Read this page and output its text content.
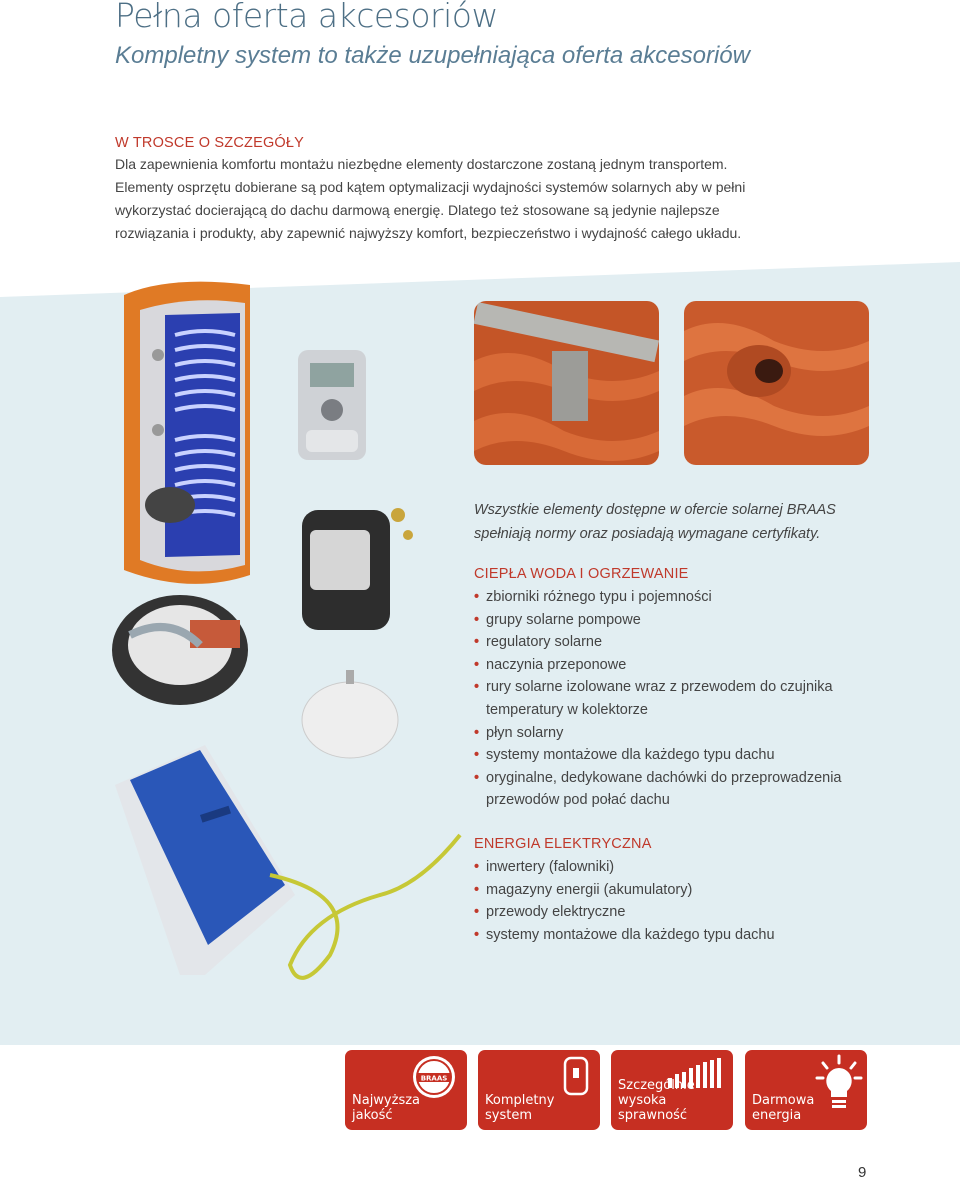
Pełna oferta akcesoriów
Kompletny system to także uzupełniająca oferta akcesoriów
W TROSCE O SZCZEGÓŁY

Dla zapewnienia komfortu montażu niezbędne elementy dostarczone zostaną jednym transportem.

Elementy osprzętu dobierane są pod kątem optymalizacji wydajności systemów solarnych aby w pełni

wykorzystać docierającą do dachu darmową energię. Dlatego też stosowane są jedynie najlepsze

rozwiązania i produkty, aby zapewnić najwyższy komfort, bezpieczeństwo i wydajność całego układu.

Wszystkie elementy dostępne w ofercie solarnej BRAAS
spełniają normy oraz posiadają wymagane certyfikaty.
CIEPŁA WODA I OGRZEWANIE
• zbiorniki różnego typu i pojemności
• grupy solarne pompowe
• regulatory solarne
• naczynia przeponowe
• rury solarne izolowane wraz z przewodem do czujnika temperatury w kolektorze
• płyn solarny
• systemy montażowe dla każdego typu dachu
• oryginalne, dedykowane dachówki do przeprowadzenia przewodów pod połać dachu
ENERGIA ELEKTRYCZNA
• inwertery (falowniki)
• magazyny energii (akumulatory)
• przewody elektryczne
• systemy montażowe dla każdego typu dachu
BRAAS
Najwyższa
jakość
Kompletny
system
Szczególnie
wysoka sprawność
Darmowa
energia
9
